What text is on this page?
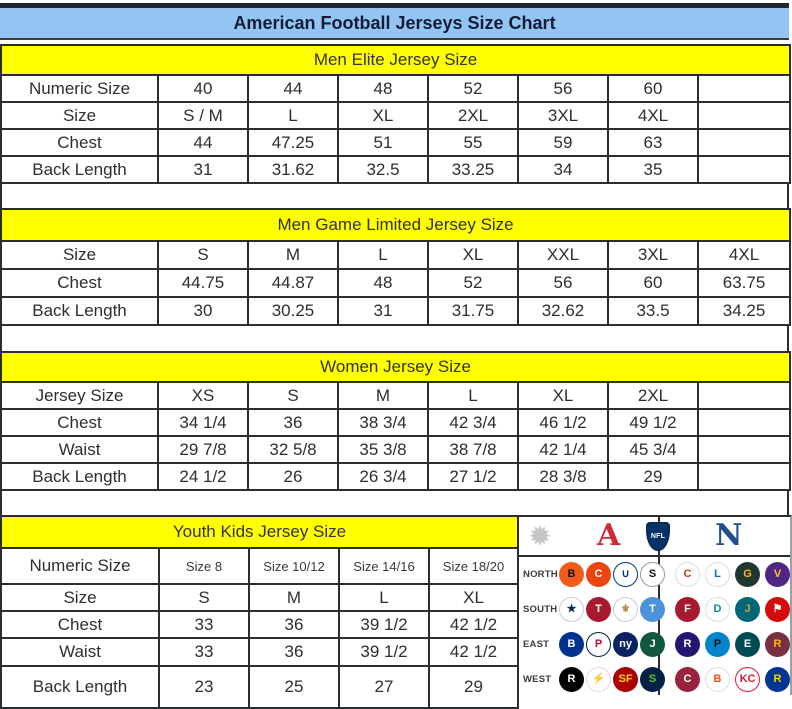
American Football Jerseys Size Chart
Men Elite Jersey Size							
Numeric Size	40	44	48	52	56	60	
Size	S / M	L	XL	2XL	3XL	4XL	
Chest	44	47.25	51	55	59	63	
Back Length	31	31.62	32.5	33.25	34	35	
Men Game Limited Jersey Size							
Size	S	M	L	XL	XXL	3XL	4XL
Chest	44.75	44.87	48	52	56	60	63.75
Back Length	30	30.25	31	31.75	32.62	33.5	34.25
Women Jersey Size							
Jersey Size	XS	S	M	L	XL	2XL	
Chest	34 1/4	36	38 3/4	42 3/4	46 1/2	49 1/2	
Waist	29 7/8	32 5/8	35 3/8	38 7/8	42 1/4	45 3/4	
Back Length	24 1/2	26	26 3/4	27 1/2	28 3/8	29	
Youth Kids Jersey Size				
Numeric Size	Size 8	Size 10/12	Size 14/16	Size 18/20
Size	S	M	L	XL
Chest	33	36	39 1/2	42 1/2
Waist	33	36	39 1/2	42 1/2
Back Length	23	25	27	29
✹ A	NFL N
NORTH B	C	∪	S	C	L	G	V
SOUTH ★	T	⚜	T	F	D	J	⚑
EAST	B	P	ny	J	R	P	E	R
WEST	R	⚡	SF	S	C	B	KC	R
